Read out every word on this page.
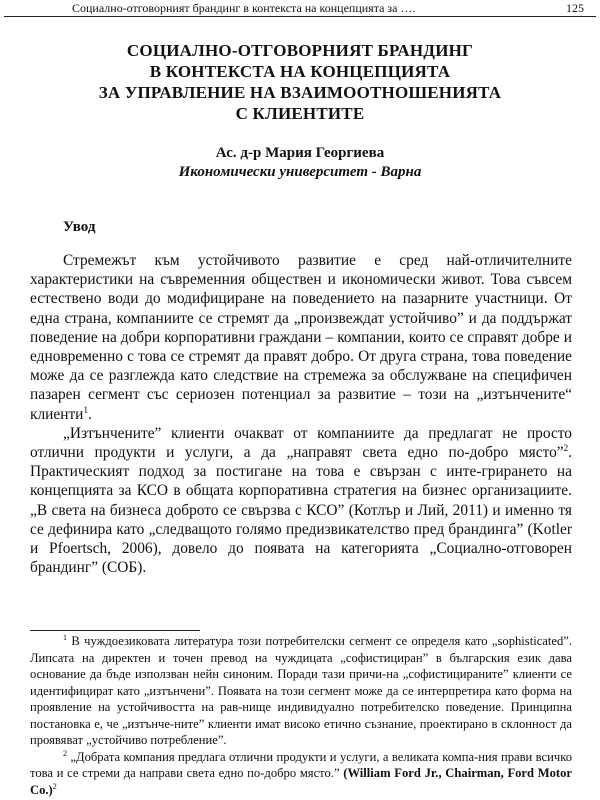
Социално-отговорният брандинг в контекста на концепцията за ….	125
СОЦИАЛНО-ОТГОВОРНИЯТ БРАНДИНГ
В КОНТЕКСТА НА КОНЦЕПЦИЯТА
ЗА УПРАВЛЕНИЕ НА ВЗАИМООТНОШЕНИЯТА
С КЛИЕНТИТЕ
Ас. д-р Мария Георгиева
Икономически университет - Варна
Увод

Стремежът към устойчивото развитие е сред най-отличителните характеристики на съвременния обществен и икономически живот. Това съвсем естествено води до модифициране на поведението на пазарните участници. От една страна, компаниите се стремят да „произвеждат устойчиво” и да поддържат поведение на добри корпоративни граждани – компании, които се справят добре и едновременно с това се стремят да правят добро. От друга страна, това поведение може да се разглежда като следствие на стремежа за обслужване на специфичен пазарен сегмент със сериозен потенциал за развитие – този на „изтънчените“ клиенти$^1$.

„Изтънчените” клиенти очакват от компаниите да предлагат не просто отлични продукти и услуги, а да „направят света едно по-добро място”$^2$. Практическият подход за постигане на това е свързан с инте-грирането на концепцията за КСО в общата корпоративна стратегия на бизнес организациите. „В света на бизнеса доброто се свързва с КСО” (Котлър и Лий, 2011) и именно тя се дефинира като „следващото голямо предизвикателство пред брандинга” (Kotler и Pfoertsch, 2006), довело до появата на категорията „Социално-отговорен брандинг” (СОБ).

$^1$ В чуждоезиковата литература този потребителски сегмент се определя като „sophisticated”. Липсата на директен и точен превод на чуждицата „софистициран” в българския език дава основание да бъде използван нейн синоним. Поради тази причи-на „софистицираните” клиенти се идентифицират като „изтънчени”. Появата на този сегмент може да се интерпретира като форма на проявление на устойчивостта на рав-нище индивидуално потребителско поведение. Принципна постановка е, че „изтънче-ните” клиенти имат високо етично съзнание, проектирано в склонност да проявяват „устойчиво потребление”.

$^2$ „Добрата компания предлага отлични продукти и услуги, а великата компа-ния прави всичко това и се стреми да направи света едно по-добро място.” (William Ford Jr., Chairman, Ford Motor Co.)$^2$
